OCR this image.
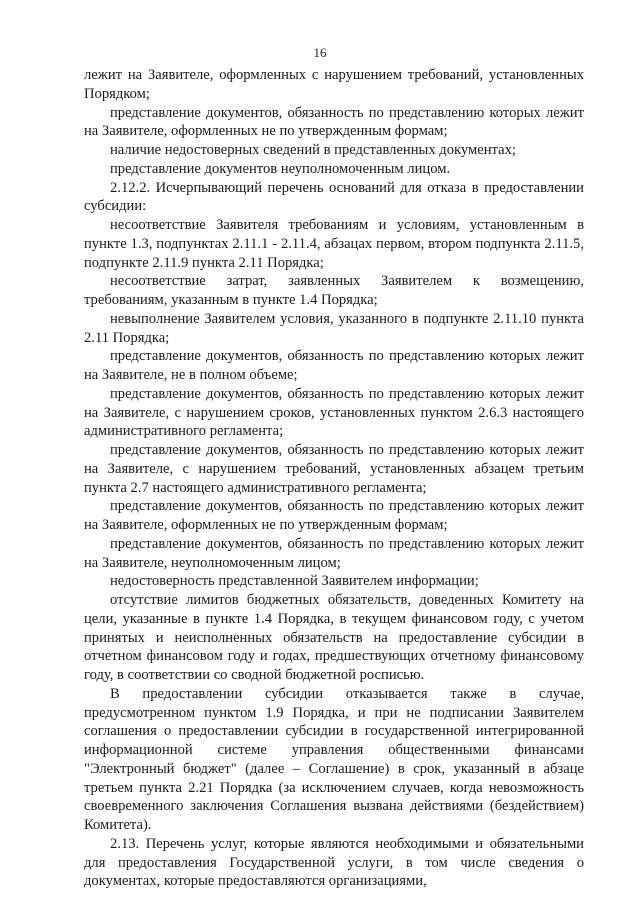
16

лежит на Заявителе, оформленных с нарушением требований, установленных Порядком;

представление документов, обязанность по представлению которых лежит на Заявителе, оформленных не по утвержденным формам;

наличие недостоверных сведений в представленных документах;

представление документов неуполномоченным лицом.

2.12.2. Исчерпывающий перечень оснований для отказа в предоставлении субсидии:

несоответствие Заявителя требованиям и условиям, установленным в пункте 1.3, подпунктах 2.11.1 - 2.11.4, абзацах первом, втором подпункта 2.11.5, подпункте 2.11.9 пункта 2.11 Порядка;

несоответствие затрат, заявленных Заявителем к возмещению, требованиям, указанным в пункте 1.4 Порядка;

невыполнение Заявителем условия, указанного в подпункте 2.11.10 пункта 2.11 Порядка;

представление документов, обязанность по представлению которых лежит на Заявителе, не в полном объеме;

представление документов, обязанность по представлению которых лежит на Заявителе, с нарушением сроков, установленных пунктом 2.6.3 настоящего административного регламента;

представление документов, обязанность по представлению которых лежит на Заявителе, с нарушением требований, установленных абзацем третьим пункта 2.7 настоящего административного регламента;

представление документов, обязанность по представлению которых лежит на Заявителе, оформленных не по утвержденным формам;

представление документов, обязанность по представлению которых лежит на Заявителе, неуполномоченным лицом;

недостоверность представленной Заявителем информации;

отсутствие лимитов бюджетных обязательств, доведенных Комитету на цели, указанные в пункте 1.4 Порядка, в текущем финансовом году, с учетом принятых и неисполненных обязательств на предоставление субсидии в отчетном финансовом году и годах, предшествующих отчетному финансовому году, в соответствии со сводной бюджетной росписью.

В предоставлении субсидии отказывается также в случае, предусмотренном пунктом 1.9 Порядка, и при не подписании Заявителем соглашения о предоставлении субсидии в государственной интегрированной информационной системе управления общественными финансами "Электронный бюджет" (далее – Соглашение) в срок, указанный в абзаце третьем пункта 2.21 Порядка (за исключением случаев, когда невозможность своевременного заключения Соглашения вызвана действиями (бездействием) Комитета).

2.13. Перечень услуг, которые являются необходимыми и обязательными для предоставления Государственной услуги, в том числе сведения о документах, которые предоставляются организациями,
